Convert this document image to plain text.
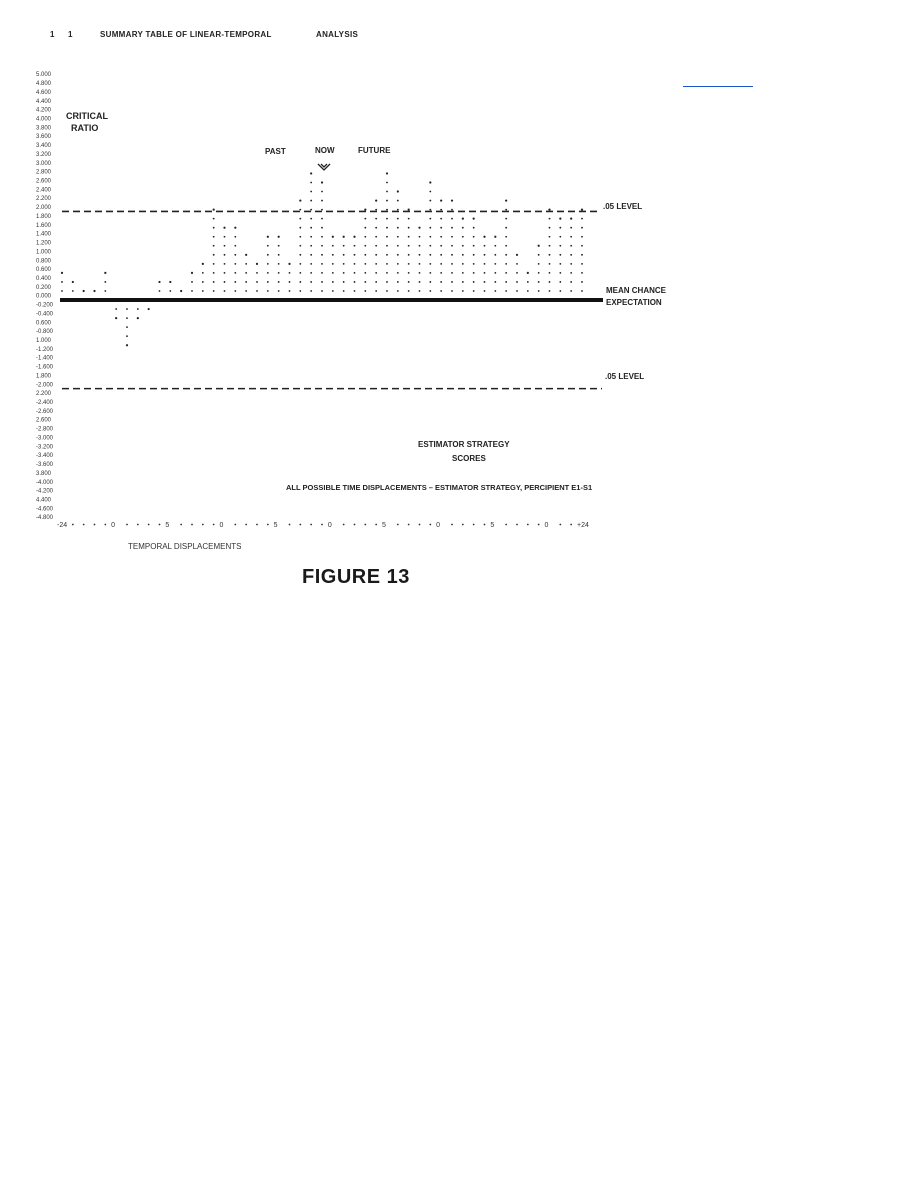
1 1	SUMMARY TABLE OF LINEAR-TEMPORAL	ANALYSIS
5.000
4.800
4.600
4.400
4.200
4.000
3.800
3.600
3.400
3.200
3.000
2.800
2.600
2.400
2.200
2.000
1.800
1.600
1.400
1.200
1.000
0.800
0.600
0.400
0.200
0.000
-0.200
-0.400
0.600
-0.800
1.000
-1.200
-1.400
-1.600
1.800
-2.000
2.200
-2.400
-2.600
2.600
-2.800
-3.000
-3.200
-3.400
-3.600
3.800
-4.000
-4.200
4.400
-4.600
-4.800
CRITICAL
RATIO
PAST	NOW	FUTURE
.05 LEVEL
MEAN CHANCE
EXPECTATION
.05 LEVEL
ESTIMATOR STRATEGY
SCORES
ALL POSSIBLE TIME DISPLACEMENTS – ESTIMATOR STRATEGY, PERCIPIENT E1-S1
-24	0	5	0	5	0	5	0	5	0	+24
TEMPORAL DISPLACEMENTS
FIGURE 13
